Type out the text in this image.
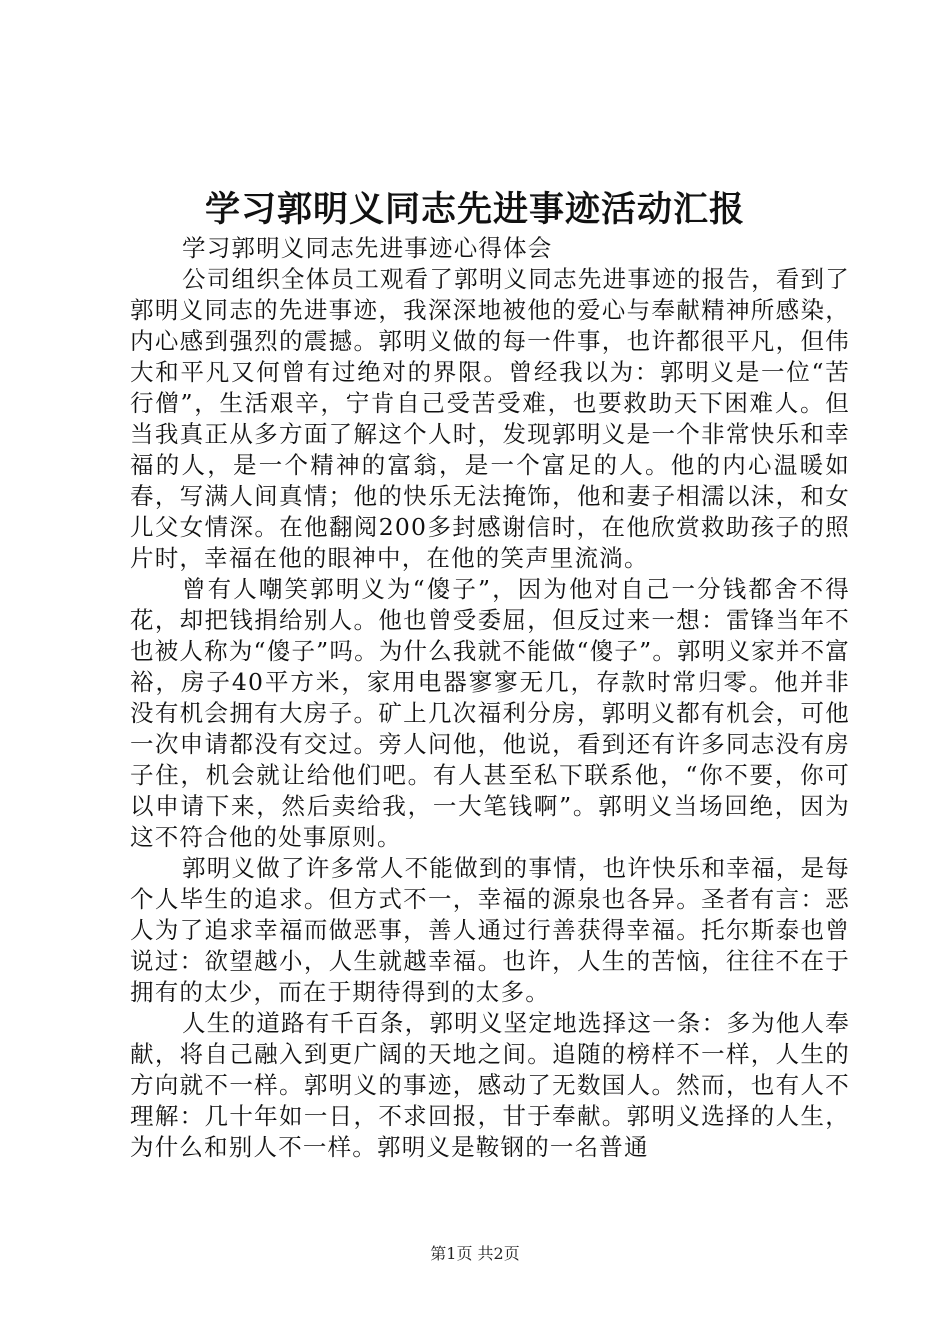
学习郭明义同志先进事迹活动汇报

学习郭明义同志先进事迹心得体会

公司组织全体员工观看了郭明义同志先进事迹的报告，看到了郭明义同志的先进事迹，我深深地被他的爱心与奉献精神所感染，内心感到强烈的震撼。郭明义做的每一件事，也许都很平凡，但伟大和平凡又何曾有过绝对的界限。曾经我以为：郭明义是一位“苦行僧”，生活艰辛，宁肯自己受苦受难，也要救助天下困难人。但当我真正从多方面了解这个人时，发现郭明义是一个非常快乐和幸福的人，是一个精神的富翁，是一个富足的人。他的内心温暖如春，写满人间真情；他的快乐无法掩饰，他和妻子相濡以沫，和女儿父女情深。在他翻阅200多封感谢信时，在他欣赏救助孩子的照片时，幸福在他的眼神中，在他的笑声里流淌。

曾有人嘲笑郭明义为“傻子”，因为他对自己一分钱都舍不得花，却把钱捐给别人。他也曾受委屈，但反过来一想：雷锋当年不也被人称为“傻子”吗。为什么我就不能做“傻子”。郭明义家并不富裕，房子40平方米，家用电器寥寥无几，存款时常归零。他并非没有机会拥有大房子。矿上几次福利分房，郭明义都有机会，可他一次申请都没有交过。旁人问他，他说，看到还有许多同志没有房子住，机会就让给他们吧。有人甚至私下联系他，“你不要，你可以申请下来，然后卖给我，一大笔钱啊”。郭明义当场回绝，因为这不符合他的处事原则。

郭明义做了许多常人不能做到的事情，也许快乐和幸福，是每个人毕生的追求。但方式不一，幸福的源泉也各异。圣者有言：恶人为了追求幸福而做恶事，善人通过行善获得幸福。托尔斯泰也曾说过：欲望越小，人生就越幸福。也许，人生的苦恼，往往不在于拥有的太少，而在于期待得到的太多。

人生的道路有千百条，郭明义坚定地选择这一条：多为他人奉献，将自己融入到更广阔的天地之间。追随的榜样不一样，人生的方向就不一样。郭明义的事迹，感动了无数国人。然而，也有人不理解：几十年如一日，不求回报，甘于奉献。郭明义选择的人生，为什么和别人不一样。郭明义是鞍钢的一名普通

第1页 共2页
